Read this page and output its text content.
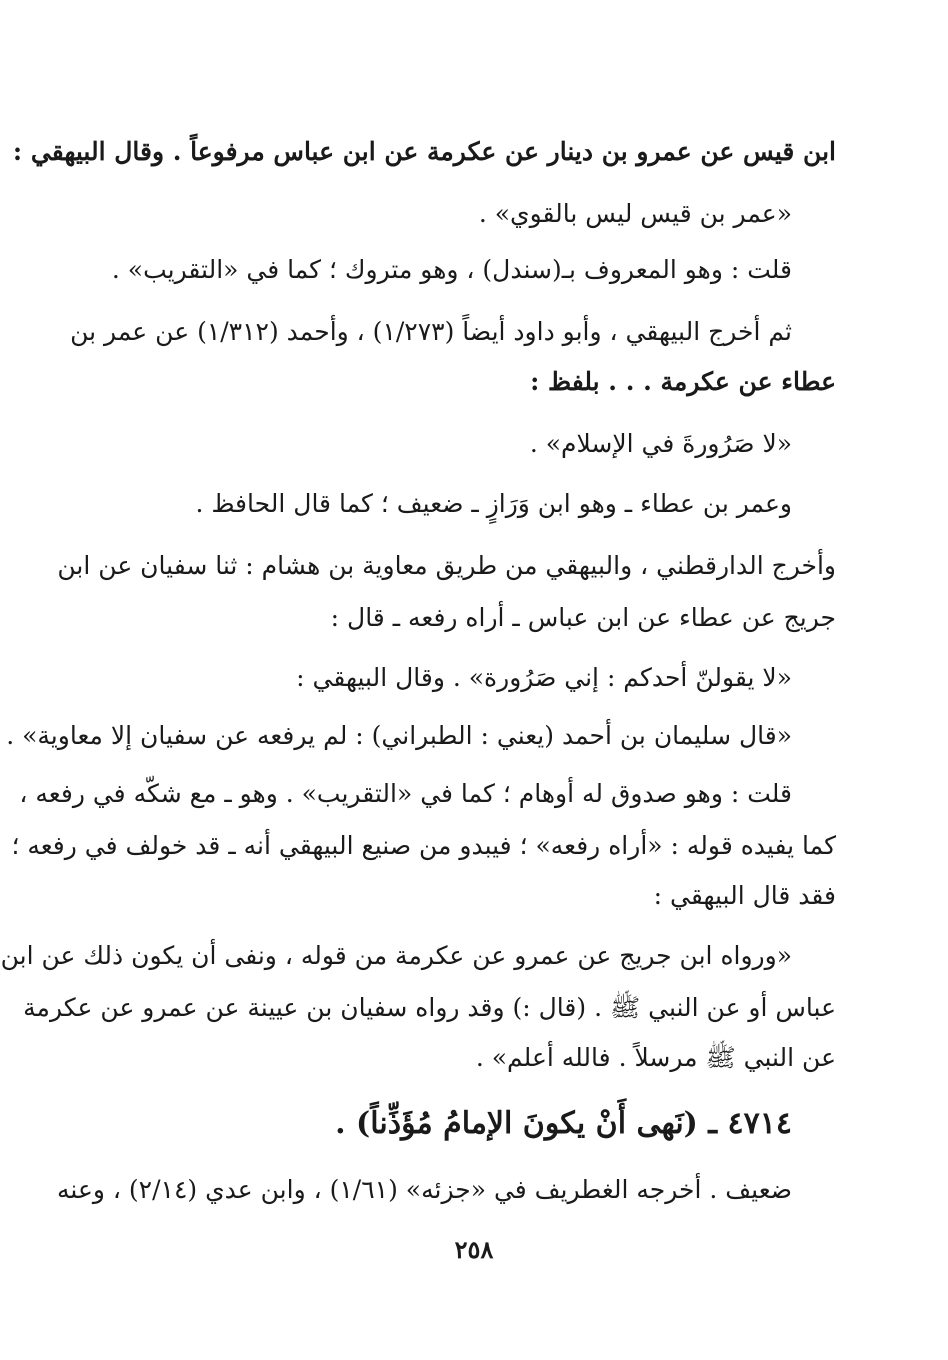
ابن قيس عن عمرو بن دينار عن عكرمة عن ابن عباس مرفوعاً . وقال البيهقي :
«عمر بن قيس ليس بالقوي» .
قلت : وهو المعروف بـ(سندل) ، وهو متروك ؛ كما في «التقريب» .
ثم أخرج البيهقي ، وأبو داود أيضاً (١/٢٧٣) ، وأحمد (١/٣١٢) عن عمر بن
عطاء عن عكرمة . . . بلفظ :
«لا صَرُورةَ في الإسلام» .
وعمر بن عطاء ـ وهو ابن وَرَازٍ ـ ضعيف ؛ كما قال الحافظ .
وأخرج الدارقطني ، والبيهقي من طريق معاوية بن هشام : ثنا سفيان عن ابن
جريج عن عطاء عن ابن عباس ـ أراه رفعه ـ قال :
«لا يقولنّ أحدكم : إني صَرُورة» . وقال البيهقي :
«قال سليمان بن أحمد (يعني : الطبراني) : لم يرفعه عن سفيان إلا معاوية» .
قلت : وهو صدوق له أوهام ؛ كما في «التقريب» . وهو ـ مع شكّه في رفعه ،
كما يفيده قوله : «أراه رفعه» ؛ فيبدو من صنيع البيهقي أنه ـ قد خولف في رفعه ؛
فقد قال البيهقي :
«ورواه ابن جريج عن عمرو عن عكرمة من قوله ، ونفى أن يكون ذلك عن ابن
عباس أو عن النبي ﷺ . (قال :) وقد رواه سفيان بن عيينة عن عمرو عن عكرمة
عن النبي ﷺ مرسلاً . فالله أعلم» .
٤٧١٤ ـ (نَهى أَنْ يكونَ الإمامُ مُؤَذِّناً) .
ضعيف . أخرجه الغطريف في «جزئه» (١/٦١) ، وابن عدي (٢/١٤) ، وعنه
٢٥٨
